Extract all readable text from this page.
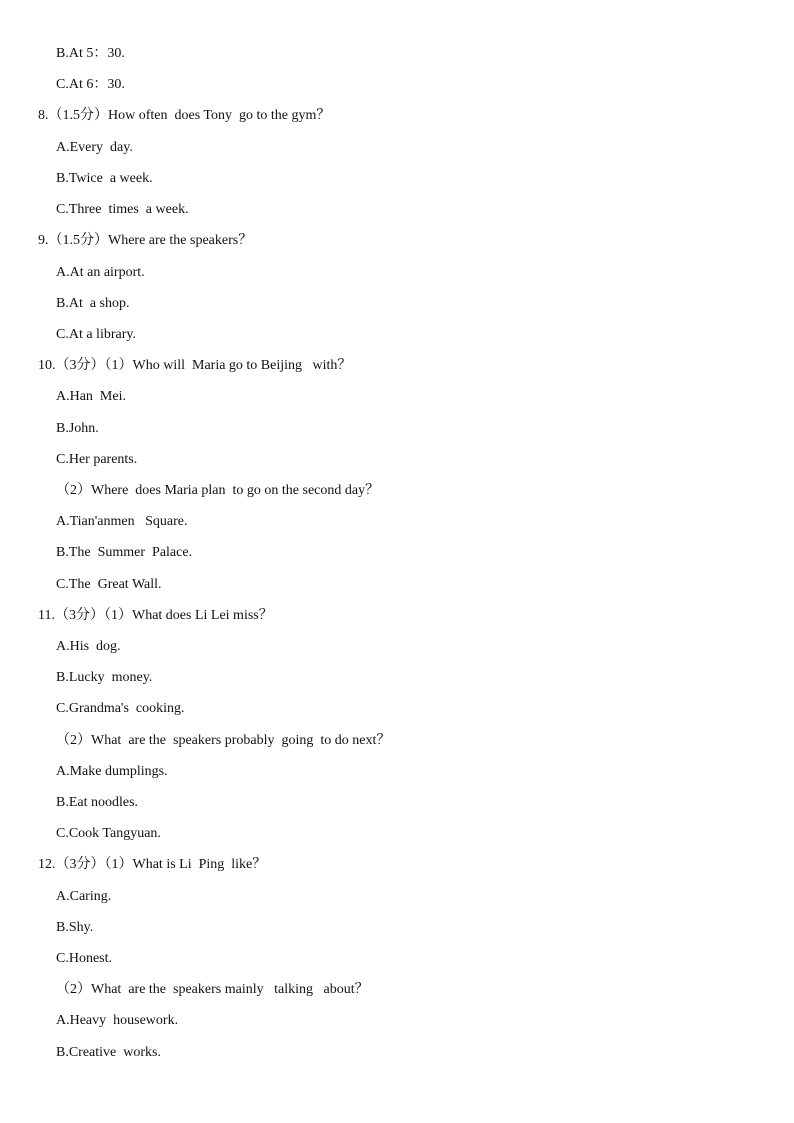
B.At 5：30.
C.At 6：30.
8.（1.5分）How often  does Tony  go to the gym？
A.Every  day.
B.Twice  a week.
C.Three  times  a week.
9.（1.5分）Where are the speakers？
A.At an airport.
B.At  a shop.
C.At a library.
10.（3分）（1）Who will  Maria go to Beijing   with？
A.Han  Mei.
B.John.
C.Her parents.
（2）Where  does Maria plan  to go on the second day？
A.Tian'anmen   Square.
B.The  Summer  Palace.
C.The  Great Wall.
11.（3分）（1）What does Li Lei miss？
A.His  dog.
B.Lucky  money.
C.Grandma's  cooking.
（2）What  are the  speakers probably  going  to do next？
A.Make dumplings.
B.Eat noodles.
C.Cook Tangyuan.
12.（3分）（1）What is Li  Ping  like？
A.Caring.
B.Shy.
C.Honest.
（2）What  are the  speakers mainly   talking   about？
A.Heavy  housework.
B.Creative  works.
